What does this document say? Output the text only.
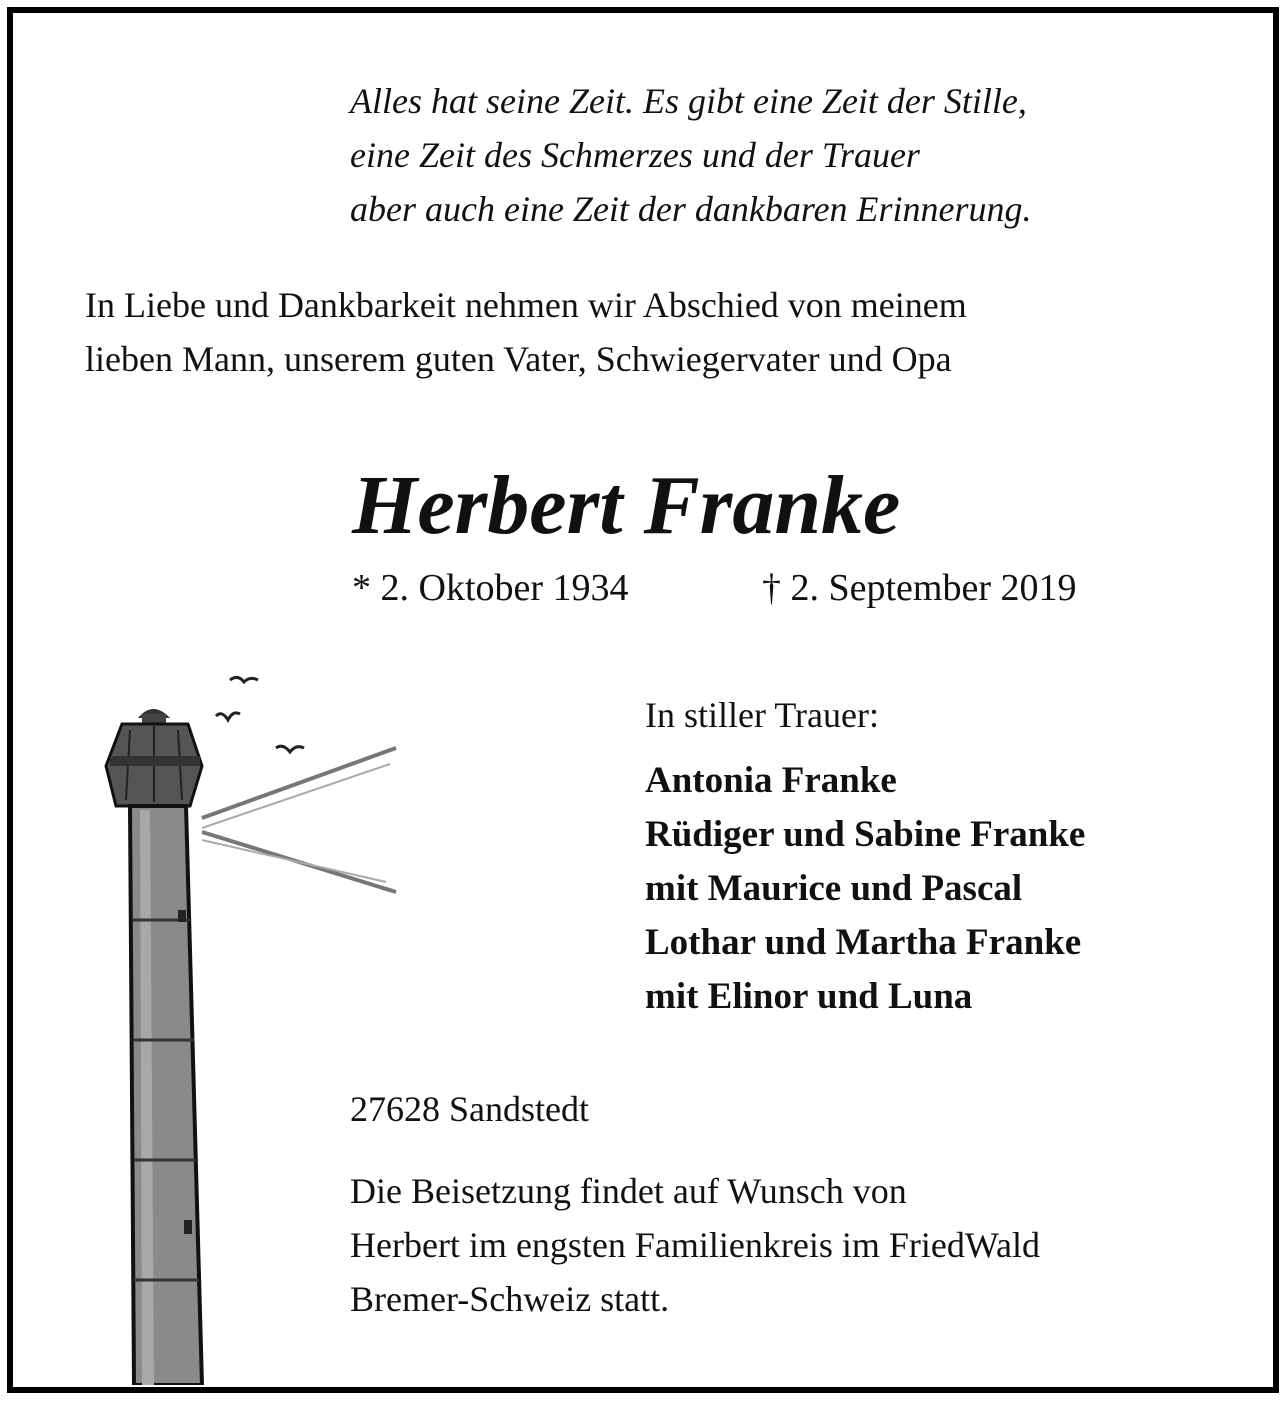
Alles hat seine Zeit. Es gibt eine Zeit der Stille,
eine Zeit des Schmerzes und der Trauer
aber auch eine Zeit der dankbaren Erinnerung.
In Liebe und Dankbarkeit nehmen wir Abschied von meinem
lieben Mann, unserem guten Vater, Schwiegervater und Opa
Herbert Franke
* 2. Oktober 1934	† 2. September 2019
In stiller Trauer:
Antonia Franke
Rüdiger und Sabine Franke
mit Maurice und Pascal
Lothar und Martha Franke
mit Elinor und Luna
27628 Sandstedt
Die Beisetzung findet auf Wunsch von
Herbert im engsten Familienkreis im FriedWald
Bremer-Schweiz statt.
